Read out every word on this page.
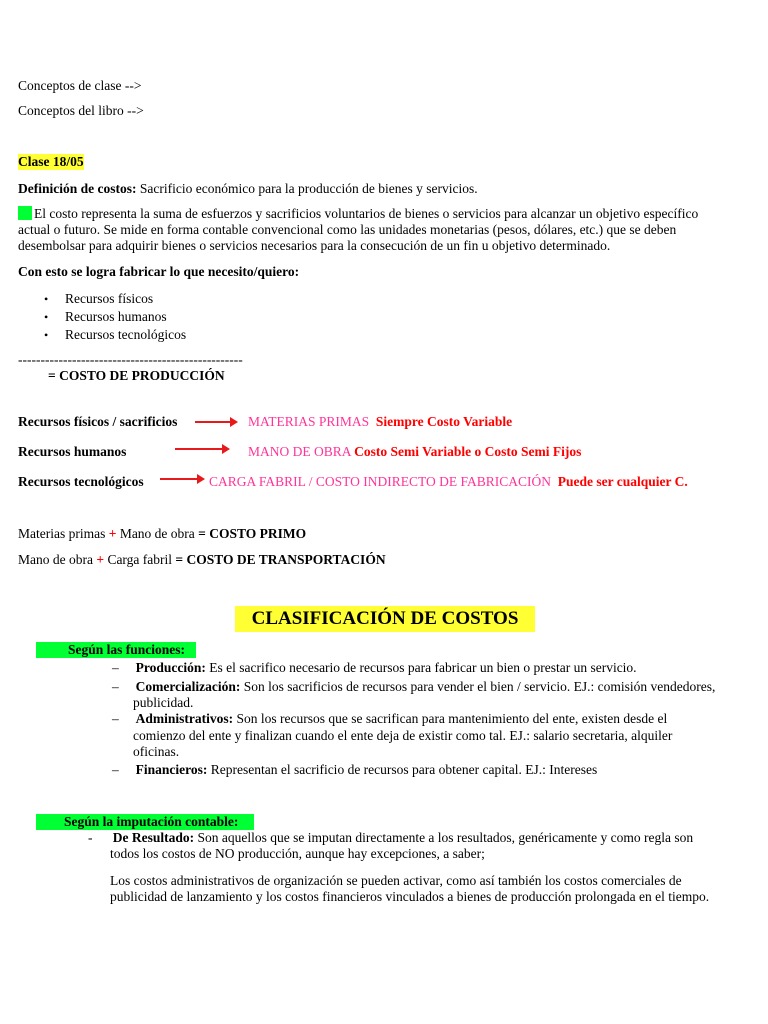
Conceptos de clase -->
Conceptos del libro -->
Clase 18/05
Definición de costos: Sacrificio económico para la producción de bienes y servicios.
El costo representa la suma de esfuerzos y sacrificios voluntarios de bienes o servicios para alcanzar un objetivo específico
actual o futuro. Se mide en forma contable convencional como las unidades monetarias (pesos, dólares, etc.) que se deben
desembolsar para adquirir bienes o servicios necesarios para la consecución de un fin u objetivo determinado.
Con esto se logra fabricar lo que necesito/quiero:
• Recursos físicos
• Recursos humanos
• Recursos tecnológicos
--------------------------------------------------
= COSTO DE PRODUCCIÓN
Recursos físicos / sacrificios	MATERIAS PRIMAS Siempre Costo Variable
Recursos humanos	MANO DE OBRA Costo Semi Variable o Costo Semi Fijos
Recursos tecnológicos	CARGA FABRIL / COSTO INDIRECTO DE FABRICACIÓN Puede ser cualquier C.
Materias primas + Mano de obra = COSTO PRIMO
Mano de obra + Carga fabril = COSTO DE TRANSPORTACIÓN
CLASIFICACIÓN DE COSTOS
Según las funciones:
–     Producción: Es el sacrifico necesario de recursos para fabricar un bien o prestar un servicio.
–     Comercialización: Son los sacrificios de recursos para vender el bien / servicio. EJ.: comisión vendedores,
publicidad.
–     Administrativos: Son los recursos que se sacrifican para mantenimiento del ente, existen desde el
comienzo del ente y finalizan cuando el ente deja de existir como tal. EJ.: salario secretaria, alquiler
oficinas.
–     Financieros: Representan el sacrificio de recursos para obtener capital. EJ.: Intereses
Según la imputación contable:
-      De Resultado: Son aquellos que se imputan directamente a los resultados, genéricamente y como regla son
todos los costos de NO producción, aunque hay excepciones, a saber;
Los costos administrativos de organización se pueden activar, como así también los costos comerciales de
publicidad de lanzamiento y los costos financieros vinculados a bienes de producción prolongada en el tiempo.
